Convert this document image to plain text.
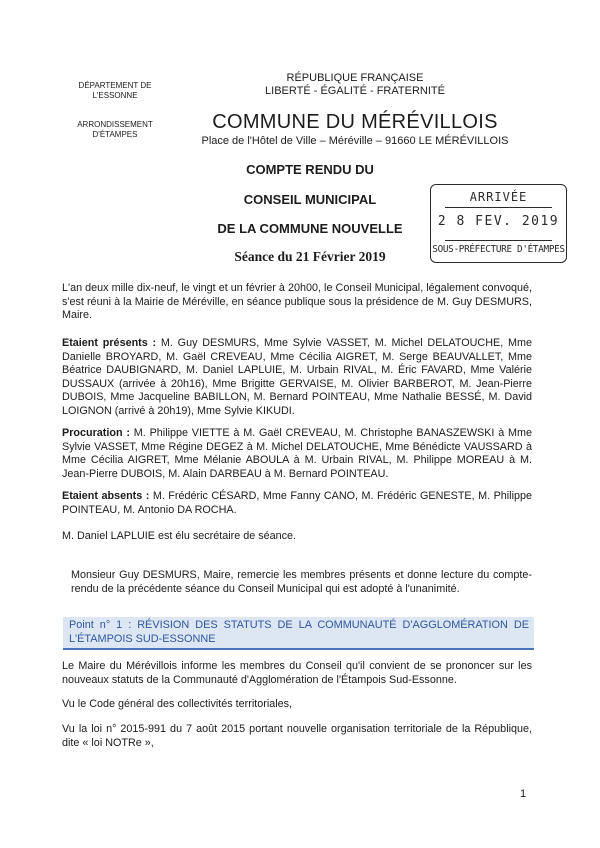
DÉPARTEMENT DE
L'ESSONNE
ARRONDISSEMENT
D'ÉTAMPES
RÉPUBLIQUE FRANÇAISE
LIBERTÉ - ÉGALITÉ - FRATERNITÉ
COMMUNE DU MÉRÉVILLOIS
Place de l'Hôtel de Ville – Méréville – 91660 LE MÉRÉVILLOIS
COMPTE RENDU DU
CONSEIL MUNICIPAL
DE LA COMMUNE NOUVELLE
Séance du 21 Février 2019
ARRIVÉE
2 8 FEV. 2019
SOUS-PRÉFECTURE D'ÉTAMPES
L'an deux mille dix-neuf, le vingt et un février à 20h00, le Conseil Municipal, légalement convoqué, s'est réuni à la Mairie de Méréville, en séance publique sous la présidence de M. Guy DESMURS, Maire.
Etaient présents : M. Guy DESMURS, Mme Sylvie VASSET, M. Michel DELATOUCHE, Mme Danielle BROYARD, M. Gaël CREVEAU, Mme Cécilia AIGRET, M. Serge BEAUVALLET, Mme Béatrice DAUBIGNARD, M. Daniel LAPLUIE, M. Urbain RIVAL, M. Éric FAVARD, Mme Valérie DUSSAUX (arrivée à 20h16), Mme Brigitte GERVAISE, M. Olivier BARBEROT, M. Jean-Pierre DUBOIS, Mme Jacqueline BABILLON, M. Bernard POINTEAU, Mme Nathalie BESSÉ, M. David LOIGNON (arrivé à 20h19), Mme Sylvie KIKUDI.
Procuration : M. Philippe VIETTE à M. Gaël CREVEAU, M. Christophe BANASZEWSKI à Mme Sylvie VASSET, Mme Régine DEGEZ à M. Michel DELATOUCHE, Mme Bénédicte VAUSSARD à Mme Cécilia AIGRET, Mme Mélanie ABOULA à M. Urbain RIVAL, M. Philippe MOREAU à M. Jean-Pierre DUBOIS, M. Alain DARBEAU à M. Bernard POINTEAU.
Etaient absents : M. Frédéric CÉSARD, Mme Fanny CANO, M. Frédéric GENESTE, M. Philippe POINTEAU, M. Antonio DA ROCHA.
M. Daniel LAPLUIE est élu secrétaire de séance.
Monsieur Guy DESMURS, Maire, remercie les membres présents et donne lecture du compte-rendu de la précédente séance du Conseil Municipal qui est adopté à l'unanimité.
Point n° 1 : RÉVISION DES STATUTS DE LA COMMUNAUTÉ D'AGGLOMÉRATION DE L'ÉTAMPOIS SUD-ESSONNE
Le Maire du Mérévillois informe les membres du Conseil qu'il convient de se prononcer sur les nouveaux statuts de la Communauté d'Agglomération de l'Étampois Sud-Essonne.
Vu le Code général des collectivités territoriales,
Vu la loi n° 2015-991 du 7 août 2015 portant nouvelle organisation territoriale de la République, dite « loi NOTRe »,
1
